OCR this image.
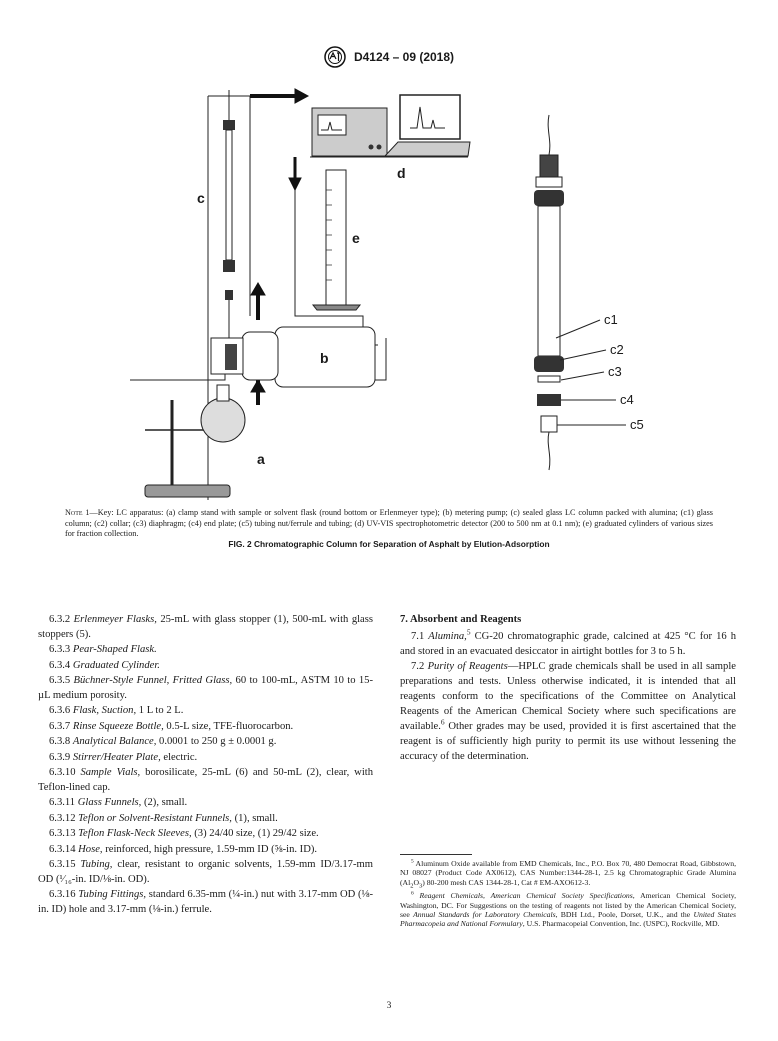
D4124 – 09 (2018)
c
e
d
b
a
c1
c2
c3
c4
c5
Note 1—Key: LC apparatus: (a) clamp stand with sample or solvent flask (round bottom or Erlenmeyer type); (b) metering pump; (c) sealed glass LC column packed with alumina; (c1) glass column; (c2) collar; (c3) diaphragm; (c4) end plate; (c5) tubing nut/ferrule and tubing; (d) UV-VIS spectrophotometric detector (200 to 500 nm at 0.1 nm); (e) graduated cylinders of various sizes for fraction collection.
FIG. 2 Chromatographic Column for Separation of Asphalt by Elution-Adsorption

6.3.2 Erlenmeyer Flasks, 25-mL with glass stopper (1), 500-mL with glass stoppers (5).

6.3.3 Pear-Shaped Flask.

6.3.4 Graduated Cylinder.

6.3.5 Büchner-Style Funnel, Fritted Glass, 60 to 100-mL, ASTM 10 to 15-µL medium porosity.

6.3.6 Flask, Suction, 1 L to 2 L.

6.3.7 Rinse Squeeze Bottle, 0.5-L size, TFE-fluorocarbon.

6.3.8 Analytical Balance, 0.0001 to 250 g ± 0.0001 g.

6.3.9 Stirrer/Heater Plate, electric.

6.3.10 Sample Vials, borosilicate, 25-mL (6) and 50-mL (2), clear, with Teflon-lined cap.

6.3.11 Glass Funnels, (2), small.

6.3.12 Teflon or Solvent-Resistant Funnels, (1), small.

6.3.13 Teflon Flask-Neck Sleeves, (3) 24/40 size, (1) 29/42 size.

6.3.14 Hose, reinforced, high pressure, 1.59-mm ID (⅝-in. ID).

6.3.15 Tubing, clear, resistant to organic solvents, 1.59-mm ID/3.17-mm OD (¹⁄₁₆-in. ID/⅛-in. OD).

6.3.16 Tubing Fittings, standard 6.35-mm (¼-in.) nut with 3.17-mm OD (⅛-in. ID) hole and 3.17-mm (⅛-in.) ferrule.

7. Absorbent and Reagents

7.1 Alumina,$^5$ CG-20 chromatographic grade, calcined at 425 °C for 16 h and stored in an evacuated desiccator in airtight bottles for 3 to 5 h.

7.2 Purity of Reagents—HPLC grade chemicals shall be used in all sample preparations and tests. Unless otherwise indicated, it is intended that all reagents conform to the specifications of the Committee on Analytical Reagents of the American Chemical Society where such specifications are available.$^6$ Other grades may be used, provided it is first ascertained that the reagent is of sufficiently high purity to permit its use without lessening the accuracy of the determination.

$^5$ Aluminum Oxide available from EMD Chemicals, Inc., P.O. Box 70, 480 Democrat Road, Gibbstown, NJ 08027 (Product Code AX0612), CAS Number:1344-28-1, 2.5 kg Chromatographic Grade Alumina $(Al_2O_3)$ 80-200 mesh CAS 1344-28-1, Cat # EM-AXO612-3.

$^6$ Reagent Chemicals, American Chemical Society Specifications, American Chemical Society, Washington, DC. For Suggestions on the testing of reagents not listed by the American Chemical Society, see Annual Standards for Laboratory Chemicals, BDH Ltd., Poole, Dorset, U.K., and the United States Pharmacopeia and National Formulary, U.S. Pharmacopeial Convention, Inc. (USPC), Rockville, MD.

3
